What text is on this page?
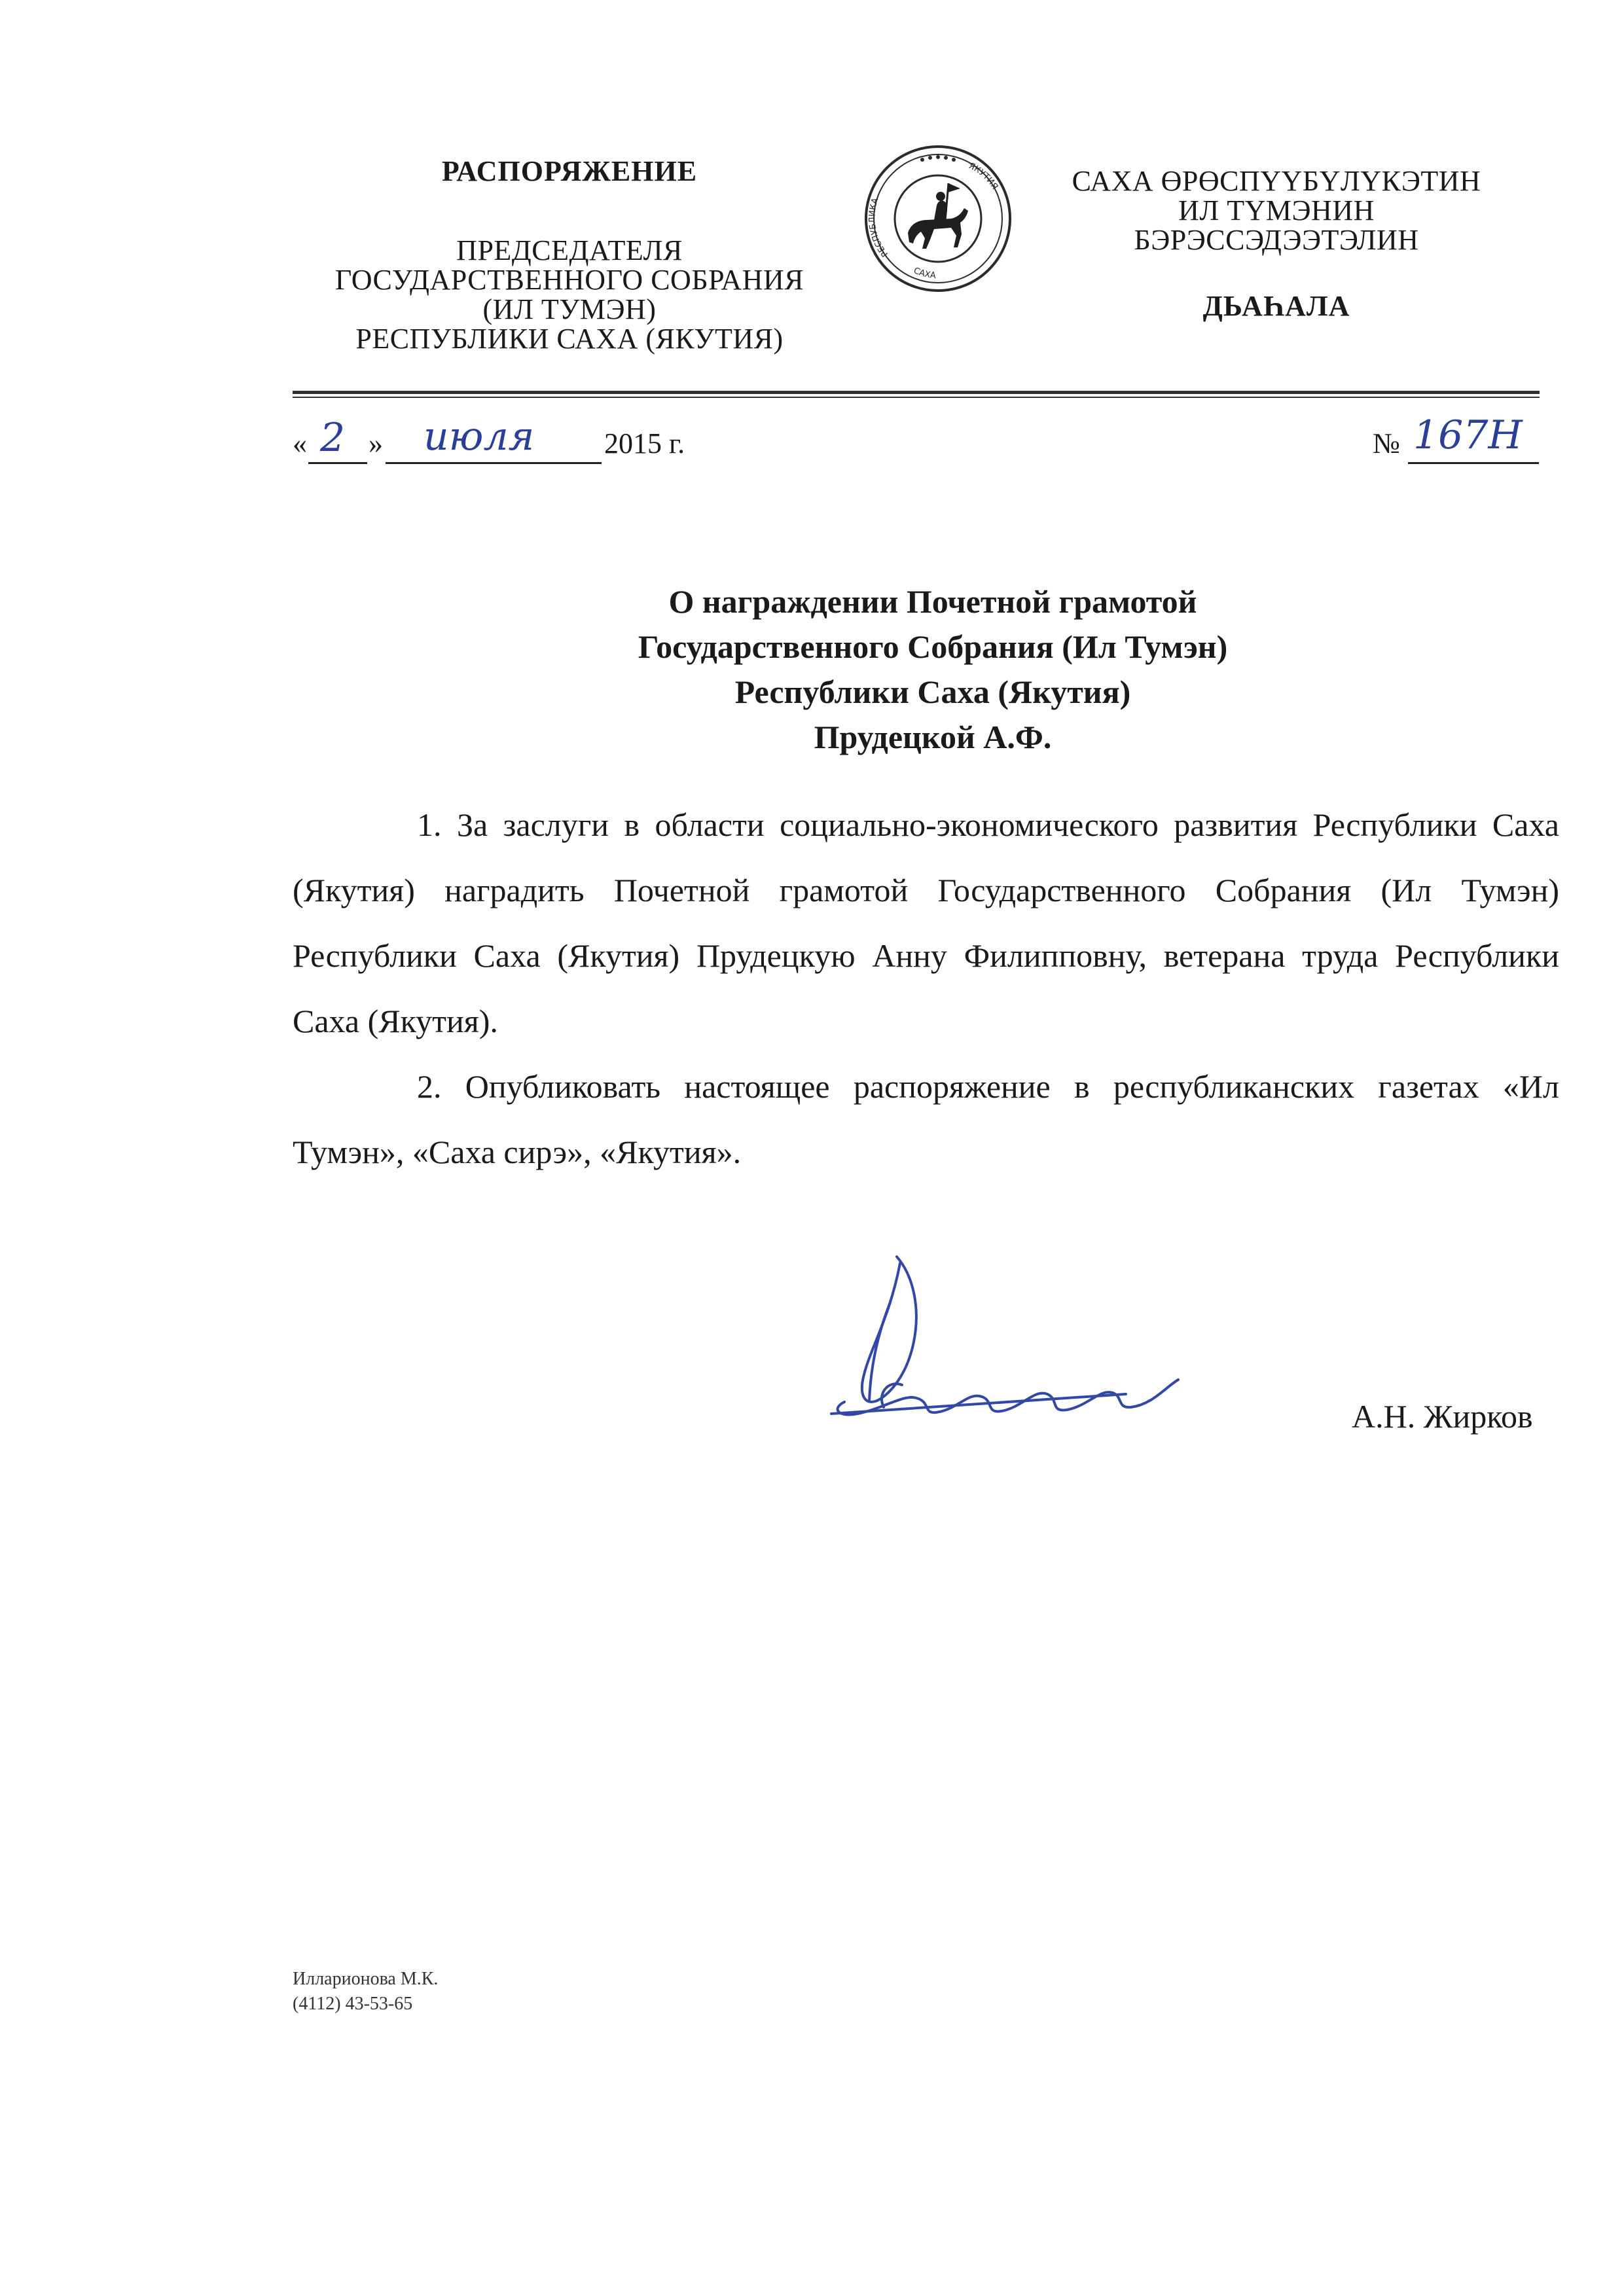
РАСПОРЯЖЕНИЕ
ПРЕДСЕДАТЕЛЯ
ГОСУДАРСТВЕННОГО СОБРАНИЯ
(ИЛ ТУМЭН)
РЕСПУБЛИКИ САХА (ЯКУТИЯ)
РЕСПУБЛИКА
ЯКУТИЯ
САХА
САХА ӨРӨСПҮҮБҮЛҮКЭТИН
ИЛ ТҮМЭНИН
БЭРЭССЭДЭЭТЭЛИН
ДЬАҺАЛА
« 2 » июля 2015 г.	№ 167Н
О награждении Почетной грамотой
Государственного Собрания (Ил Тумэн)
Республики Саха (Якутия)
Прудецкой А.Ф.

1. За заслуги в области социально-экономического развития Республики Саха (Якутия) наградить Почетной грамотой Государственного Собрания (Ил Тумэн) Республики Саха (Якутия) Прудецкую Анну Филипповну, ветерана труда Республики Саха (Якутия).

2. Опубликовать настоящее распоряжение в республиканских газетах «Ил Тумэн», «Саха сирэ», «Якутия».

А.Н. Жирков
Илларионова М.К.
(4112) 43-53-65
